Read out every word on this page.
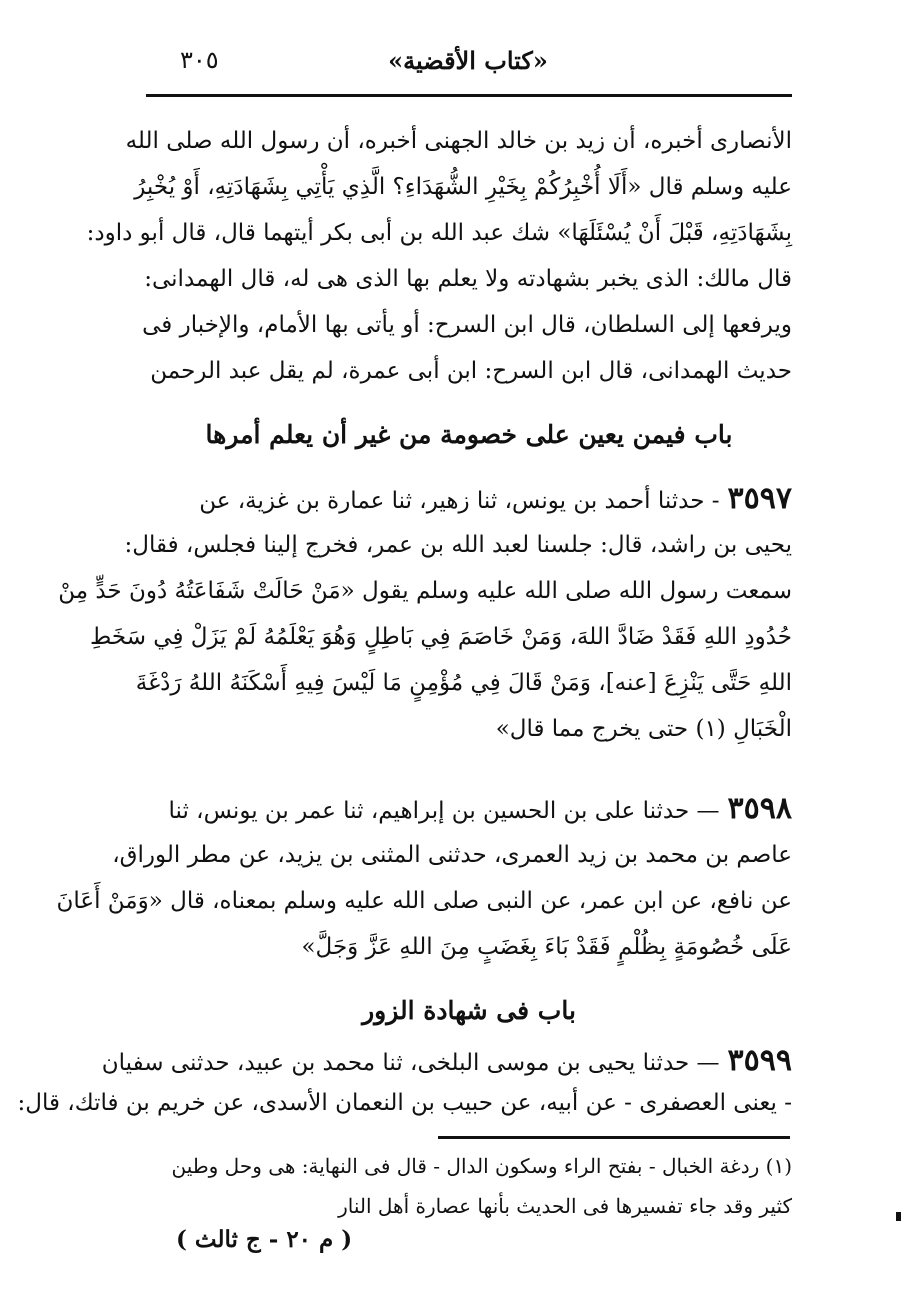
٣٠٥	«كتاب الأقضية»
الأنصارى أخبره، أن زيد بن خالد الجهنى أخبره، أن رسول الله صلى الله
عليه وسلم قال «أَلَا أُخْبِرُكُمْ بِخَيْرِ الشُّهَدَاءِ؟ الَّذِي يَأْتِي بِشَهَادَتِهِ، أَوْ يُخْبِرُ
بِشَهَادَتِهِ، قَبْلَ أَنْ يُسْئَلَهَا» شك عبد الله بن أبى بكر أيتهما قال، قال أبو داود:
قال مالك: الذى يخبر بشهادته ولا يعلم بها الذى هى له، قال الهمدانى:
ويرفعها إلى السلطان، قال ابن السرح: أو يأتى بها الأمام، والإخبار فى
حديث الهمدانى، قال ابن السرح: ابن أبى عمرة، لم يقل عبد الرحمن
باب فيمن يعين على خصومة من غير أن يعلم أمرها
٣٥٩٧- حدثنا أحمد بن يونس، ثنا زهير، ثنا عمارة بن غزية، عن
يحيى بن راشد، قال: جلسنا لعبد الله بن عمر، فخرج إلينا فجلس، فقال:
سمعت رسول الله صلى الله عليه وسلم يقول «مَنْ حَالَتْ شَفَاعَتُهُ دُونَ حَدٍّ مِنْ
حُدُودِ اللهِ فَقَدْ ضَادَّ اللهَ، وَمَنْ خَاصَمَ فِي بَاطِلٍ وَهُوَ يَعْلَمُهُ لَمْ يَزَلْ فِي سَخَطِ
اللهِ حَتَّى يَنْزِعَ [عنه]، وَمَنْ قَالَ فِي مُؤْمِنٍ مَا لَيْسَ فِيهِ أَسْكَنَهُ اللهُ رَدْغَةَ
الْخَبَالِ (١) حتى يخرج مما قال»
٣٥٩٨— حدثنا على بن الحسين بن إبراهيم، ثنا عمر بن يونس، ثنا
عاصم بن محمد بن زيد العمرى، حدثنى المثنى بن يزيد، عن مطر الوراق،
عن نافع، عن ابن عمر، عن النبى صلى الله عليه وسلم بمعناه، قال «وَمَنْ أَعَانَ
عَلَى خُصُومَةٍ بِظُلْمٍ فَقَدْ بَاءَ بِغَضَبٍ مِنَ اللهِ عَزَّ وَجَلَّ»
باب فى شهادة الزور
٣٥٩٩— حدثنا يحيى بن موسى البلخى، ثنا محمد بن عبيد، حدثنى سفيان
- يعنى العصفرى - عن أبيه، عن حبيب بن النعمان الأسدى، عن خريم بن فاتك، قال:
(١) ردغة الخبال - بفتح الراء وسكون الدال - قال فى النهاية: هى وحل وطين
كثير وقد جاء تفسيرها فى الحديث بأنها عصارة أهل النار
( م ٢٠ - ج ثالث )
